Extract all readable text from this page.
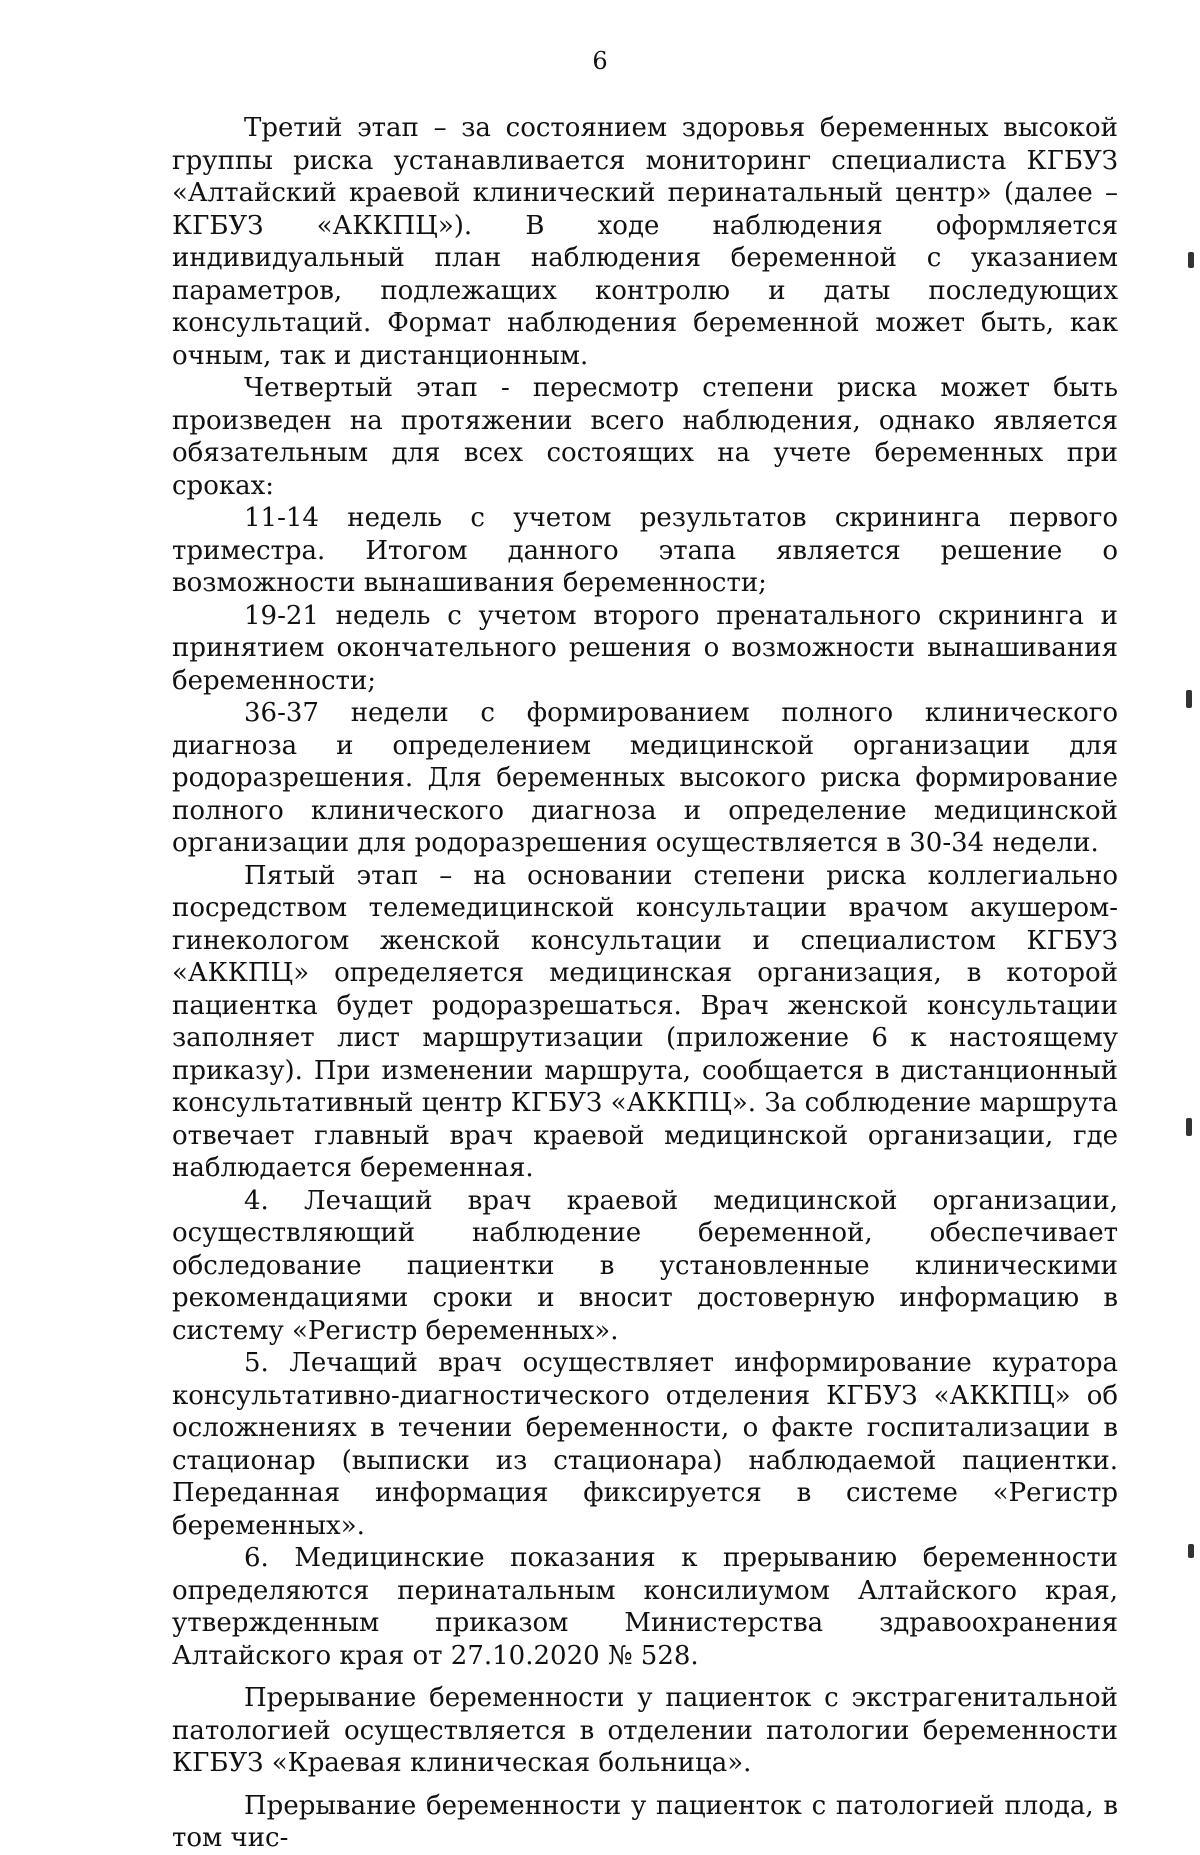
6

Третий этап – за состоянием здоровья беременных высокой группы риска устанавливается мониторинг специалиста КГБУЗ «Алтайский краевой клинический перинатальный центр» (далее – КГБУЗ «АККПЦ»). В ходе наблюдения оформляется индивидуальный план наблюдения беременной с указанием параметров, подлежащих контролю и даты последующих консультаций. Формат наблюдения беременной может быть, как очным, так и дистанционным.

Четвертый этап - пересмотр степени риска может быть произведен на протяжении всего наблюдения, однако является обязательным для всех состоящих на учете беременных при сроках:

11-14 недель с учетом результатов скрининга первого триместра. Итогом данного этапа является решение о возможности вынашивания беременности;

19-21 недель с учетом второго пренатального скрининга и принятием окончательного решения о возможности вынашивания беременности;

36-37 недели с формированием полного клинического диагноза и определением медицинской организации для родоразрешения. Для беременных высокого риска формирование полного клинического диагноза и определение медицинской организации для родоразрешения осуществляется в 30-34 недели.

Пятый этап – на основании степени риска коллегиально посредством телемедицинской консультации врачом акушером-гинекологом женской консультации и специалистом КГБУЗ «АККПЦ» определяется медицинская организация, в которой пациентка будет родоразрешаться. Врач женской консультации заполняет лист маршрутизации (приложение 6 к настоящему приказу). При изменении маршрута, сообщается в дистанционный консультативный центр КГБУЗ «АККПЦ». За соблюдение маршрута отвечает главный врач краевой медицинской организации, где наблюдается беременная.

4. Лечащий врач краевой медицинской организации, осуществляющий наблюдение беременной, обеспечивает обследование пациентки в установленные клиническими рекомендациями сроки и вносит достоверную информацию в систему «Регистр беременных».

5. Лечащий врач осуществляет информирование куратора консультативно-диагностического отделения КГБУЗ «АККПЦ» об осложнениях в течении беременности, о факте госпитализации в стационар (выписки из стационара) наблюдаемой пациентки. Переданная информация фиксируется в системе «Регистр беременных».

6. Медицинские показания к прерыванию беременности определяются перинатальным консилиумом Алтайского края, утвержденным приказом Министерства здравоохранения Алтайского края от 27.10.2020 № 528.

Прерывание беременности у пациенток с экстрагенитальной патологией осуществляется в отделении патологии беременности КГБУЗ «Краевая клиническая больница».

Прерывание беременности у пациенток с патологией плода, в том чис-
